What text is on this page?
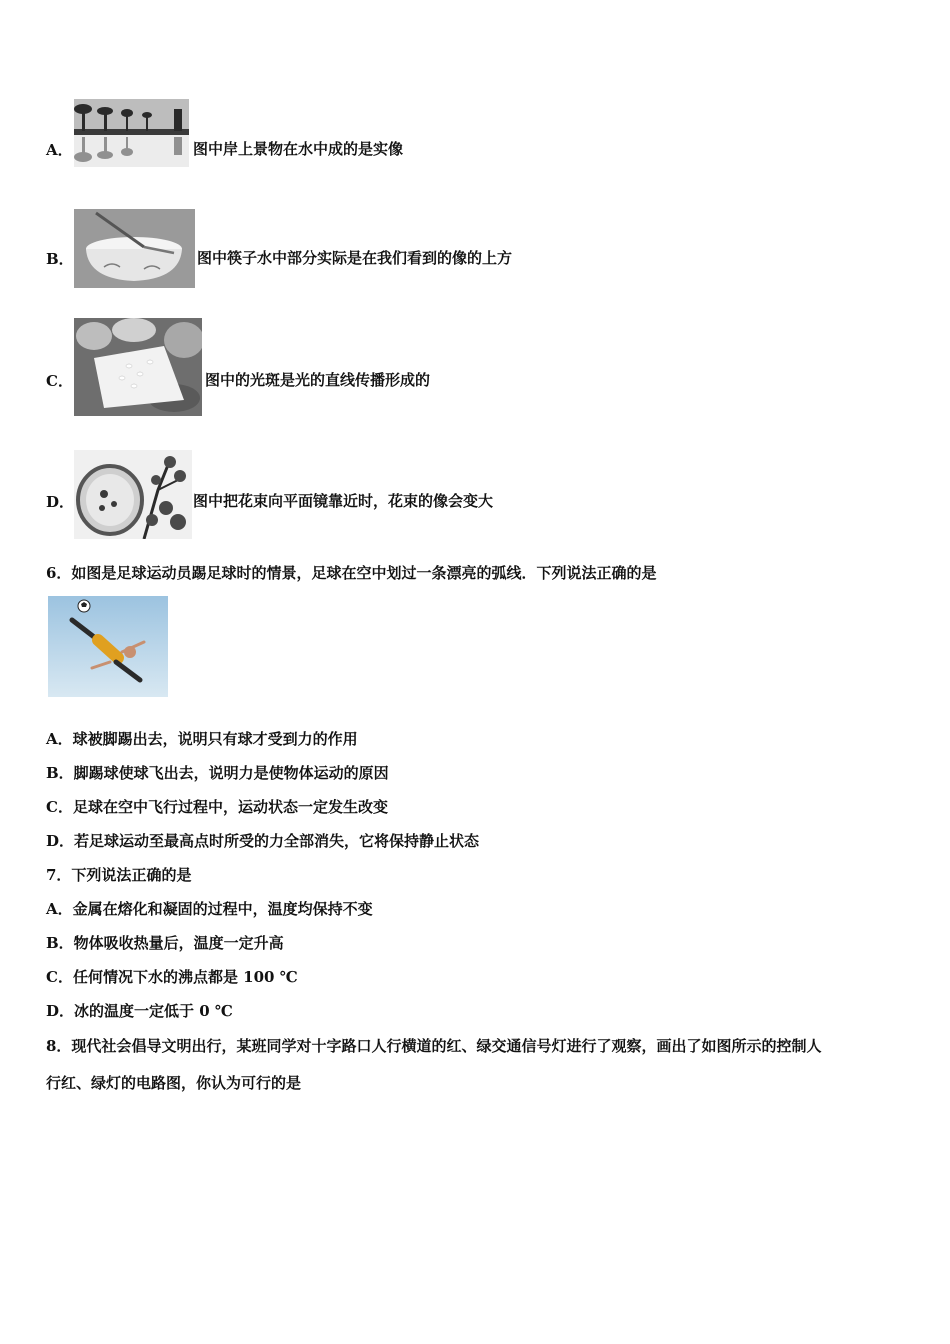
A．	图中岸上景物在水中成的是实像
B．	图中筷子水中部分实际是在我们看到的像的上方
C．	图中的光斑是光的直线传播形成的
D．	图中把花束向平面镜靠近时，花束的像会变大
6．如图是足球运动员踢足球时的情景，足球在空中划过一条漂亮的弧线．下列说法正确的是
A．球被脚踢出去，说明只有球才受到力的作用
B．脚踢球使球飞出去，说明力是使物体运动的原因
C．足球在空中飞行过程中，运动状态一定发生改变
D．若足球运动至最高点时所受的力全部消失，它将保持静止状态
7．下列说法正确的是
A．金属在熔化和凝固的过程中，温度均保持不变
B．物体吸收热量后，温度一定升高
C．任何情况下水的沸点都是 100 ℃
D．冰的温度一定低于 0 ℃
8．现代社会倡导文明出行，某班同学对十字路口人行横道的红、绿交通信号灯进行了观察，画出了如图所示的控制人
行红、绿灯的电路图，你认为可行的是
